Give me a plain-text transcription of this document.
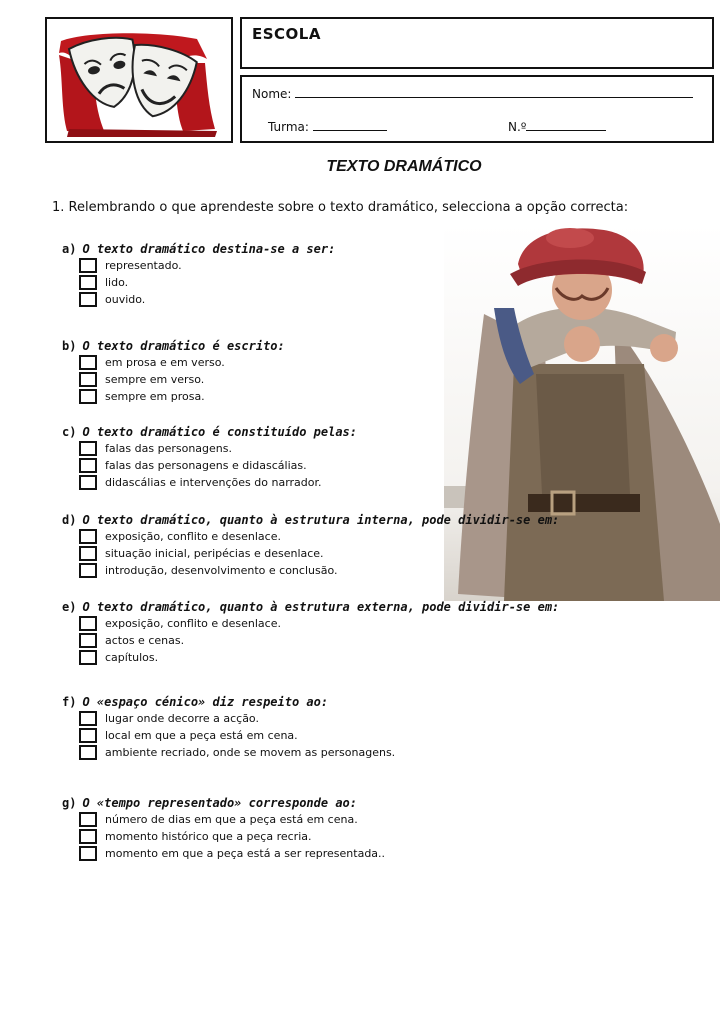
ESCOLA
Nome:
Turma:	N.º
TEXTO DRAMÁTICO
1. Relembrando o que aprendeste sobre o texto dramático, selecciona a opção correcta:
a) O texto dramático destina-se a ser:
representado.
lido.
ouvido.
b) O texto dramático é escrito:
em prosa e em verso.
sempre em verso.
sempre em prosa.
c) O texto dramático é constituído pelas:
falas das personagens.
falas das personagens e didascálias.
didascálias e intervenções do narrador.
d) O texto dramático, quanto à estrutura interna, pode dividir-se em:
exposição, conflito e desenlace.
situação inicial, peripécias e desenlace.
introdução, desenvolvimento e conclusão.
e) O texto dramático, quanto à estrutura externa, pode dividir-se em:
exposição, conflito e desenlace.
actos e cenas.
capítulos.
f) O «espaço cénico» diz respeito ao:
lugar onde decorre a acção.
local em que a peça está em cena.
ambiente recriado, onde se movem as personagens.
g) O «tempo representado» corresponde ao:
número de dias em que a peça está em cena.
momento histórico que a peça recria.
momento em que a peça está a ser representada..
